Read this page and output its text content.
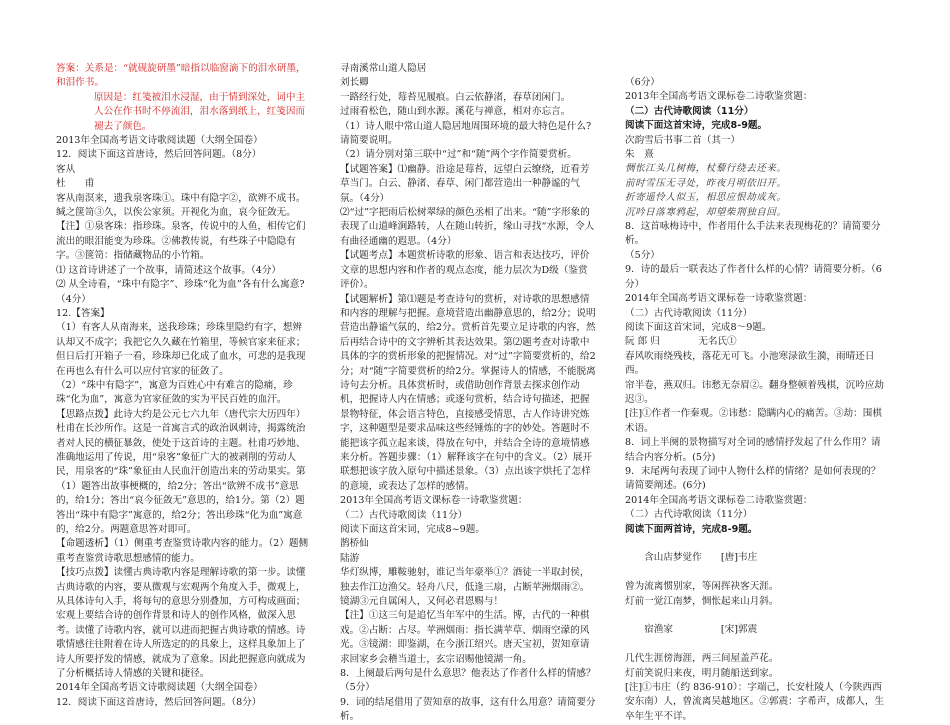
答案：关系是：“就砚旋研墨”暗指以临窗滴下的泪水研墨，和泪作书。

原因是：红笺被泪水浸湿，由于情到深处，词中主人公在作书时不停流泪，泪水落到纸上，红笺因而褪去了颜色。

2013年全国高考语文诗歌阅读题（大纲全国卷）

12．阅读下面这首唐诗，然后回答问题。（8分）

客从

杜　　甫

客从南溟来，遗我泉客珠①。珠中有隐字②，欲辨不成书。缄之箧笥③久，以俟公家须。开视化为血，哀今征敛无。

【注】①泉客珠：指珍珠。泉客，传说中的人鱼，相传它们流出的眼泪能变为珍珠。②佛教传说，有些珠子中隐隐有字。③箧笥：指储藏物品的小竹箱。

⑴ 这首诗讲述了一个故事，请简述这个故事。（4分）

⑵ 从全诗看，“珠中有隐字”、珍珠“化为血”各有什么寓意?（4分）

12.【答案】

（1）有客人从南海来，送我珍珠；珍珠里隐约有字，想辨认却又不成字；我把它久久藏在竹箱里，等候官家来征求；但日后打开箱子一看，珍珠却已化成了血水，可悲的是我现在再也么有什么可以应付官家的征敛了。

（2）“珠中有隐字”，寓意为百姓心中有难言的隐痛，珍珠“化为血”，寓意为官家征敛的实为平民百姓的血汗。

【思路点拨】此诗大约是公元七六九年（唐代宗大历四年）杜甫在长沙所作。这是一首寓言式的政治讽刺诗，揭露统治者对人民的横征暴敛，使处于这首诗的主题。杜甫巧妙地、准确地运用了传说，用“泉客”象征广大的被剥削的劳动人民，用泉客的“珠”象征由人民血汗创造出来的劳动果实。第（1）题答出故事梗概的，给2分；答出“欲辨不成书”意思的，给1分；答出“哀今征敛无”意思的，给1分。第（2）题答出“珠中有隐字”寓意的，给2分；答出珍珠“化为血”寓意的，给2分。两题意思答对即可。

【命题透析】（1）侧重考查鉴赏诗歌内容的能力。（2）题侧重考查鉴赏诗歌思想感情的能力。

【技巧点拨】读懂古典诗歌内容是理解诗歌的第一步。读懂古典诗歌的内容，要从微观与宏观两个角度入手，微观上，从具体诗句入手，将每句的意思分别叠加，方可构成画面；宏观上要结合诗的创作背景和诗人的创作风格，做深入思考。读懂了诗歌内容，就可以进而把握古典诗歌的情感。诗歌情感往往附着在诗人所选定的的具象上，这样具象加上了诗人所要抒发的情感，就成为了意象。因此把握意向就成为了分析概括诗人情感的关键和捷径。

2014年全国高考语文诗歌阅读题（大纲全国卷）

12．阅读下面这首唐诗，然后回答问题。（8分）

寻南溪常山道人隐居

刘长卿

一路经行处，莓苔见履痕。白云依静渚，春草闭闲门。

过雨看松色，随山到水源。溪花与禅意，相对亦忘言。

（1）诗人眼中常山道人隐居地周围环境的最大特色是什么?请简要说明。

（2）请分别对第三联中“过”和“随”两个字作简要赏析。

【试题答案】⑴幽静。沿途是莓苔，远望白云缭绕，近看芳草当门。白云、静渚、春草、闲门都营造出一种静谧的气氛。（4分）

⑵“过”字把雨后松树翠绿的颜色丞相了出来。“随”字形象的表现了山道峰涧路转，人在随山转折，缘山寻找“水源，令人有曲径通幽的遐思。（4分）

【试题考点】本题赏析诗歌的形象、语言和表达技巧，评价文章的思想内容和作者的观点态度，能力层次为D级（鉴赏评价）。

【试题解析】第⑴题是考查诗句的赏析，对诗歌的思想感情和内容的理解与把握。意境营造出幽静意思的，给2分；说明营造出静谧气氛的，给2分。赏析首先要立足诗歌的内容，然后再结合诗中的文字辨析其表达效果。第⑵题考查对诗歌中具体的字的赏析形象的把握情况。对“过”字简要赏析的，给2分；对“随”字简要赏析的给2分。掌握诗人的情感，不能脱离诗句去分析。具体赏析时，或借助创作背景去探求创作动机，把握诗人内在情感；或逐句赏析，结合诗句描述，把握景物特征，体会语言特色，直接感受情思，古人作诗讲究炼字，这种题型是要求品味这些经锤炼的字的妙处。答题时不能把该字孤立起来谈，得放在句中，并结合全诗的意境情感来分析。答题步骤：（1）解释该字在句中的含义。（2）展开联想把该字放入原句中描述景象。（3）点出该字烘托了怎样的意境，或表达了怎样的感情。

2013年全国高考语文课标卷一诗歌鉴赏题：

（二）古代诗歌阅读（11分）

阅读下面这首宋词，完成8~9题。

鹊桥仙

陆游

华灯纵博，雕鞍驰射，谁记当年豪举①？酒徒一半取封侯，独去作江边渔父。轻舟八尺，低逢三扇，占断苹洲烟雨②。镜湖③元自属闲人，又何必君恩赐与！

【注】①这三句是追忆当年军中的生活。博，古代的一种棋戏。②占断：占尽。苹洲烟雨：指长满苹草、烟雨空濛的风光。③镜湖：即鉴湖，在今浙江绍兴。唐天宝初，贺知章请求回家乡会稽当道士，玄宗诏赐他镜湖一角。

8．上阕最后两句是什么意思？他表达了作者什么样的情感？（5分）

9．词的结尾借用了贺知章的故事，这有什么用意？请简要分析。

（6分）

2013年全国高考语文课标卷二诗歌鉴赏题：

（二）古代诗歌阅读（11分）

阅读下面这首宋诗，完成8-9题。

次韵雪后书事二首（其一）

朱　熹

惆怅江头几树梅，杖藜行绕去还来。

前时雪压无寻处，昨夜月明依旧开。

折寄遥怜人似玉，相思应恨劫成灰。

沉吟日落寒鸦起，却望柴荆独自回。

8．这首咏梅诗中，作者用什么手法来表现梅花的？请简要分析。

（5分）

9．诗的最后一联表达了作者什么样的心情？请简要分析。（6分）

2014年全国高考语文课标卷一诗歌鉴赏题：

（二）古代诗歌阅读（11分）

阅读下面这首宋词，完成8～9题。

阮 郎 归　　　　无名氏①

春风吹雨绕残枝，落花无可飞。小池寒渌欲生漪，雨晴还日西。

帘半卷，燕双归。讳愁无奈眉②。翻身整顿着残棋，沉吟应劫迟③。

[注]①作者一作秦观。②讳愁：隐瞒内心的痛苦。③劫：围棋术语。

8．词上半阕的景物描写对全词的感情抒发起了什么作用？请结合内容分析。(5分)

9．末尾两句表现了词中人物什么样的情绪？是如何表现的？请简要阐述。(6分)

2014年全国高考语文课标卷二诗歌鉴赏题：

（二）古代诗歌阅读（11分）

阅读下面两首诗，完成8-9题。

　　含山店梦觉作　　[唐]韦庄

曾为流离惯别家，等闲挥袂客天涯。

灯前一觉江南梦，惆怅起来山月斜。

　　宿渔家　　　　　[宋]郭震

几代生涯傍海涯，两三间屋盖芦花。

灯前笑说归来夜，明月随船送到家。

[注]①韦庄（约 836-910）：字端己，长安杜陵人（今陕西西安东南）人，曾流离吴越地区。②郭震：字希声，成都人，生卒年生平不详。
